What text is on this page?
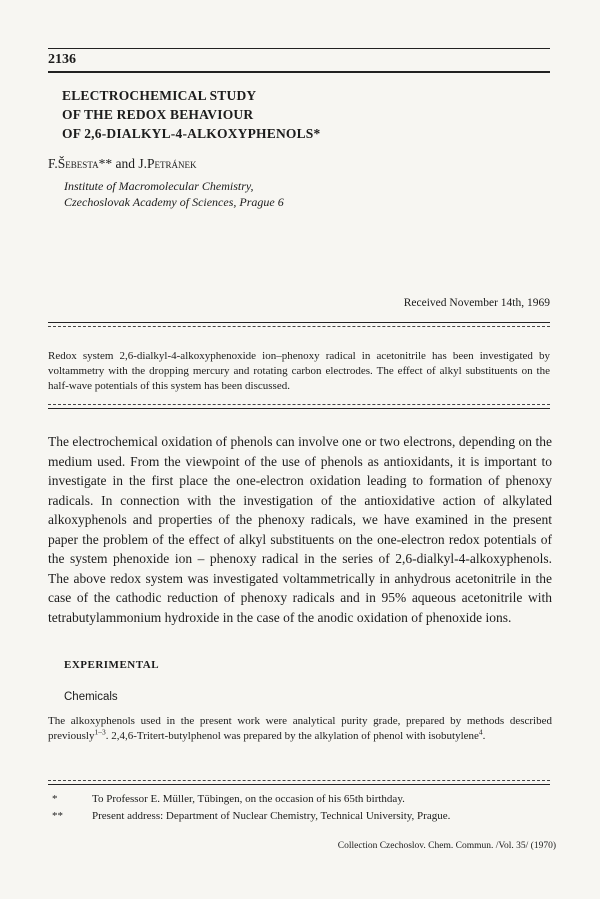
2136
ELECTROCHEMICAL STUDY
OF THE REDOX BEHAVIOUR
OF 2,6-DIALKYL-4-ALKOXYPHENOLS*
F.Šebesta** and J.Petránek
Institute of Macromolecular Chemistry,
Czechoslovak Academy of Sciences, Prague 6
Received November 14th, 1969
Redox system 2,6-dialkyl-4-alkoxyphenoxide ion–phenoxy radical in acetonitrile has been investigated by voltammetry with the dropping mercury and rotating carbon electrodes. The effect of alkyl substituents on the half-wave potentials of this system has been discussed.
The electrochemical oxidation of phenols can involve one or two electrons, depending on the medium used. From the viewpoint of the use of phenols as antioxidants, it is important to investigate in the first place the one-electron oxidation leading to formation of phenoxy radicals. In connection with the investigation of the antioxidative action of alkylated alkoxyphenols and properties of the phenoxy radicals, we have examined in the present paper the problem of the effect of alkyl substituents on the one-electron redox potentials of the system phenoxide ion – phenoxy radical in the series of 2,6-dialkyl-4-alkoxyphenols. The above redox system was investigated voltammetrically in anhydrous acetonitrile in the case of the cathodic reduction of phenoxy radicals and in 95% aqueous acetonitrile with tetrabutylammonium hydroxide in the case of the anodic oxidation of phenoxide ions.
EXPERIMENTAL
Chemicals
The alkoxyphenols used in the present work were analytical purity grade, prepared by methods described previously$^{1-3}$. 2,4,6-Tritert-butylphenol was prepared by the alkylation of phenol with isobutylene$^4$.
*	To Professor E. Müller, Tübingen, on the occasion of his 65th birthday.
**	Present address: Department of Nuclear Chemistry, Technical University, Prague.
Collection Czechoslov. Chem. Commun. /Vol. 35/ (1970)
